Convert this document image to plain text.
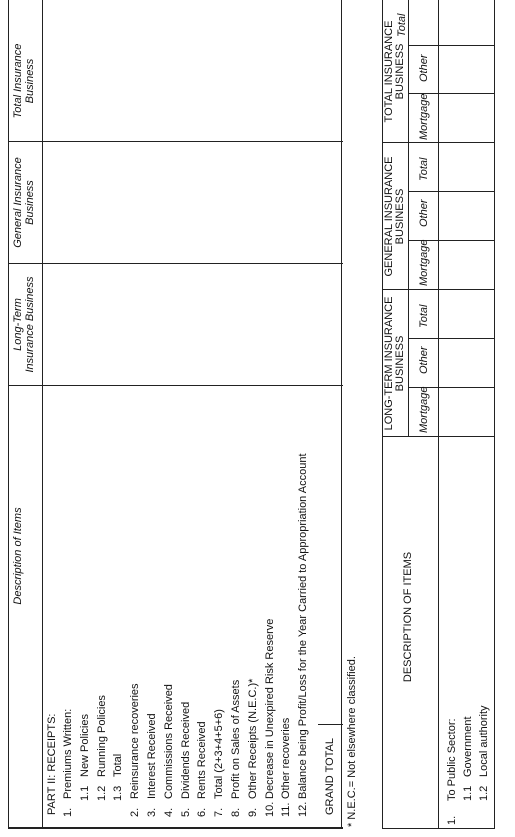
Description of Items
Long-Term Insurance Business
General Insurance Business
Total Insurance Business
PART II: RECEIPTS: 1.
Premiums Written: 1.1
New Policies
1.2
Running Policies
1.3
Total
2.
Reinsurance recoveries
3.
Interest Received
4.
Commissions Received
5.
Dividends Received
6.
Rents Received
7.
Total (2+3+4+5+6)
8.
Profit on Sales of Assets
9.
Other Receipts (N.E.C.)*
10.
Decrease in Unexpired Risk Reserve
11.
Other recoveries
12.
Balance being Profit/Loss for the Year Carried to Appropriation Account GRAND TOTAL * N.E.C.= Not elsewhere classified.
DESCRIPTION OF ITEMS
LONG-TERM INSURANCE BUSINESS
GENERAL INSURANCE BUSINESS
TOTAL INSURANCE BUSINESS
Mortgage
Other
Total
Mortgage
Other
Total
Mortgage
Other
Total
1.
To Public Sector: 1.1
Government
1.2
Local authority
